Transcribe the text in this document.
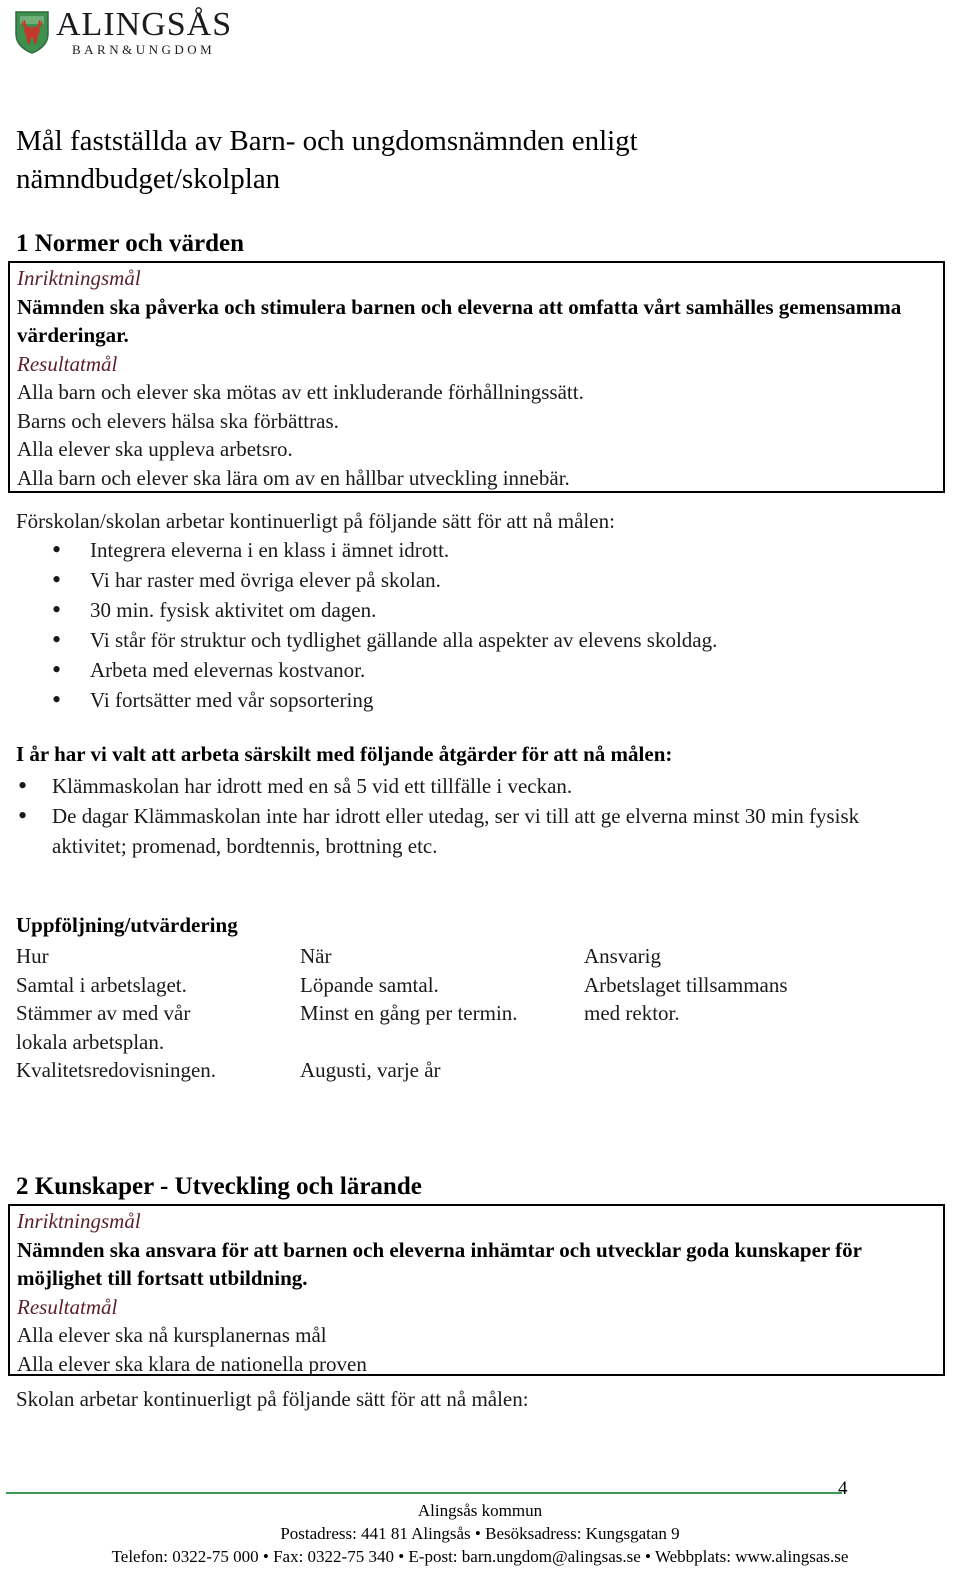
ALINGSÅS
BARN&UNGDOM
Mål fastställda av Barn- och ungdomsnämnden enligt nämndbudget/skolplan
1 Normer och värden
Inriktningsmål
Nämnden ska påverka och stimulera barnen och eleverna att omfatta vårt samhälles gemensamma värderingar.
Resultatmål
Alla barn och elever ska mötas av ett inkluderande förhållningssätt.
Barns och elevers hälsa ska förbättras.
Alla elever ska uppleva arbetsro.
Alla barn och elever ska lära om av en hållbar utveckling innebär.
Förskolan/skolan arbetar kontinuerligt på följande sätt för att nå målen:
• Integrera eleverna i en klass i ämnet idrott.
• Vi har raster med övriga elever på skolan.
• 30 min. fysisk aktivitet om dagen.
• Vi står för struktur och tydlighet gällande alla aspekter av elevens skoldag.
• Arbeta med elevernas kostvanor.
• Vi fortsätter med vår sopsortering
I år har vi valt att arbeta särskilt med följande åtgärder för att nå målen:
• Klämmaskolan har idrott med en så 5 vid ett tillfälle i veckan.
• De dagar Klämmaskolan inte har idrott eller utedag, ser vi till att ge elverna minst 30 min fysisk aktivitet; promenad, bordtennis, brottning etc.
Uppföljning/utvärdering
Hur
Samtal i arbetslaget.
Stämmer av med vår
lokala arbetsplan.
Kvalitetsredovisningen.
När
Löpande samtal.
Minst en gång per termin.
Augusti, varje år
Ansvarig
Arbetslaget tillsammans
med rektor.
2 Kunskaper - Utveckling och lärande
Inriktningsmål
Nämnden ska ansvara för att barnen och eleverna inhämtar och utvecklar goda kunskaper för möjlighet till fortsatt utbildning.
Resultatmål
Alla elever ska nå kursplanernas mål
Alla elever ska klara de nationella proven
Skolan arbetar kontinuerligt på följande sätt för att nå målen:
4
Alingsås kommun
Postadress: 441 81 Alingsås • Besöksadress: Kungsgatan 9
Telefon: 0322-75 000 • Fax: 0322-75 340 • E-post: barn.ungdom@alingsas.se • Webbplats: www.alingsas.se
